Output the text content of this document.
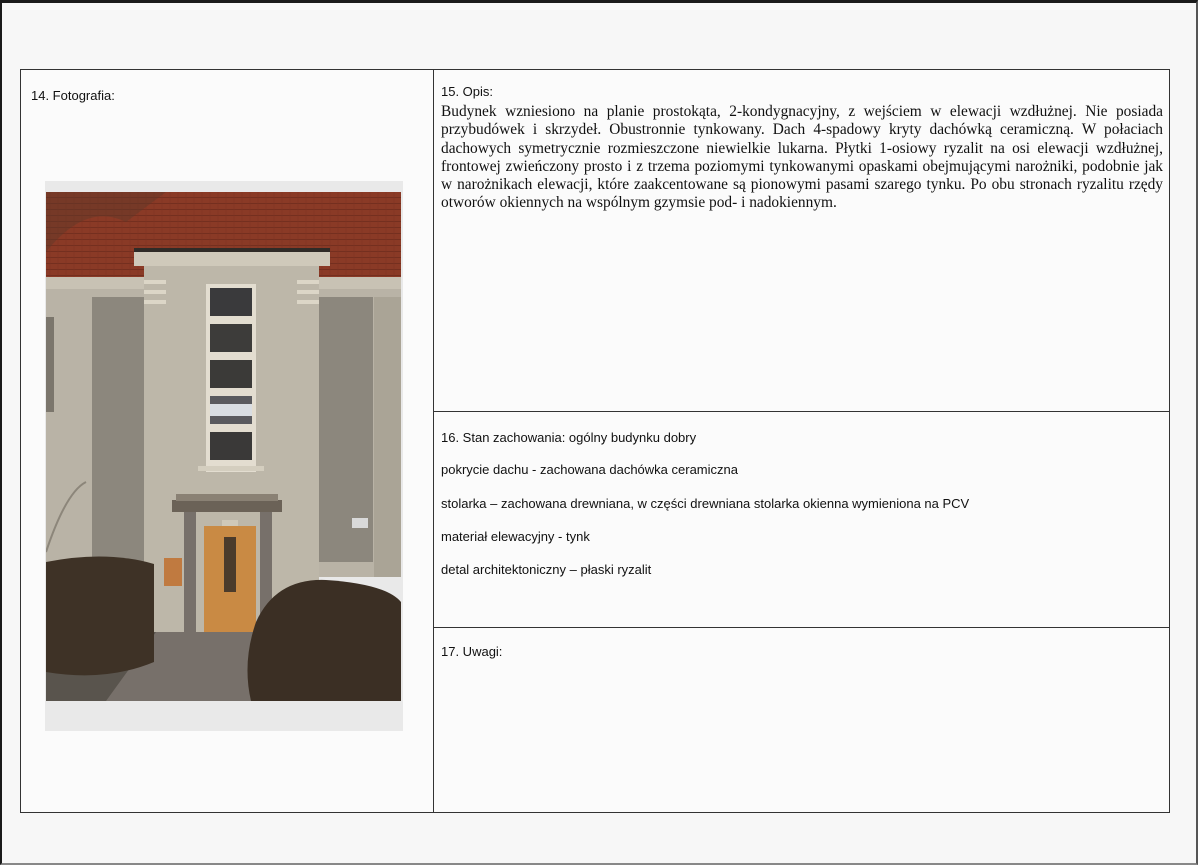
14. Fotografia:	15. Opis:

Budynek wzniesiono na planie prostokąta, 2-kondygnacyjny, z wejściem w elewacji wzdłużnej. Nie posiada przybudówek i skrzydeł. Obustronnie tynkowany. Dach 4-spadowy kryty dachówką ceramiczną. W połaciach dachowych symetrycznie rozmieszczone niewielkie lukarna. Płytki 1-osiowy ryzalit na osi elewacji wzdłużnej, frontowej zwieńczony prosto i z trzema poziomymi tynkowanymi opaskami obejmującymi narożniki, podobnie jak w narożnikach elewacji, które zaakcentowane są pionowymi pasami szarego tynku. Po obu stronach ryzalitu rzędy otworów okiennych na wspólnym gzymsie pod- i nadokiennym.

16. Stan zachowania: ogólny budynku dobry
pokrycie dachu - zachowana dachówka ceramiczna
stolarka – zachowana drewniana, w części drewniana stolarka okienna wymieniona na PCV
materiał elewacyjny - tynk
detal architektoniczny – płaski ryzalit
17. Uwagi:
